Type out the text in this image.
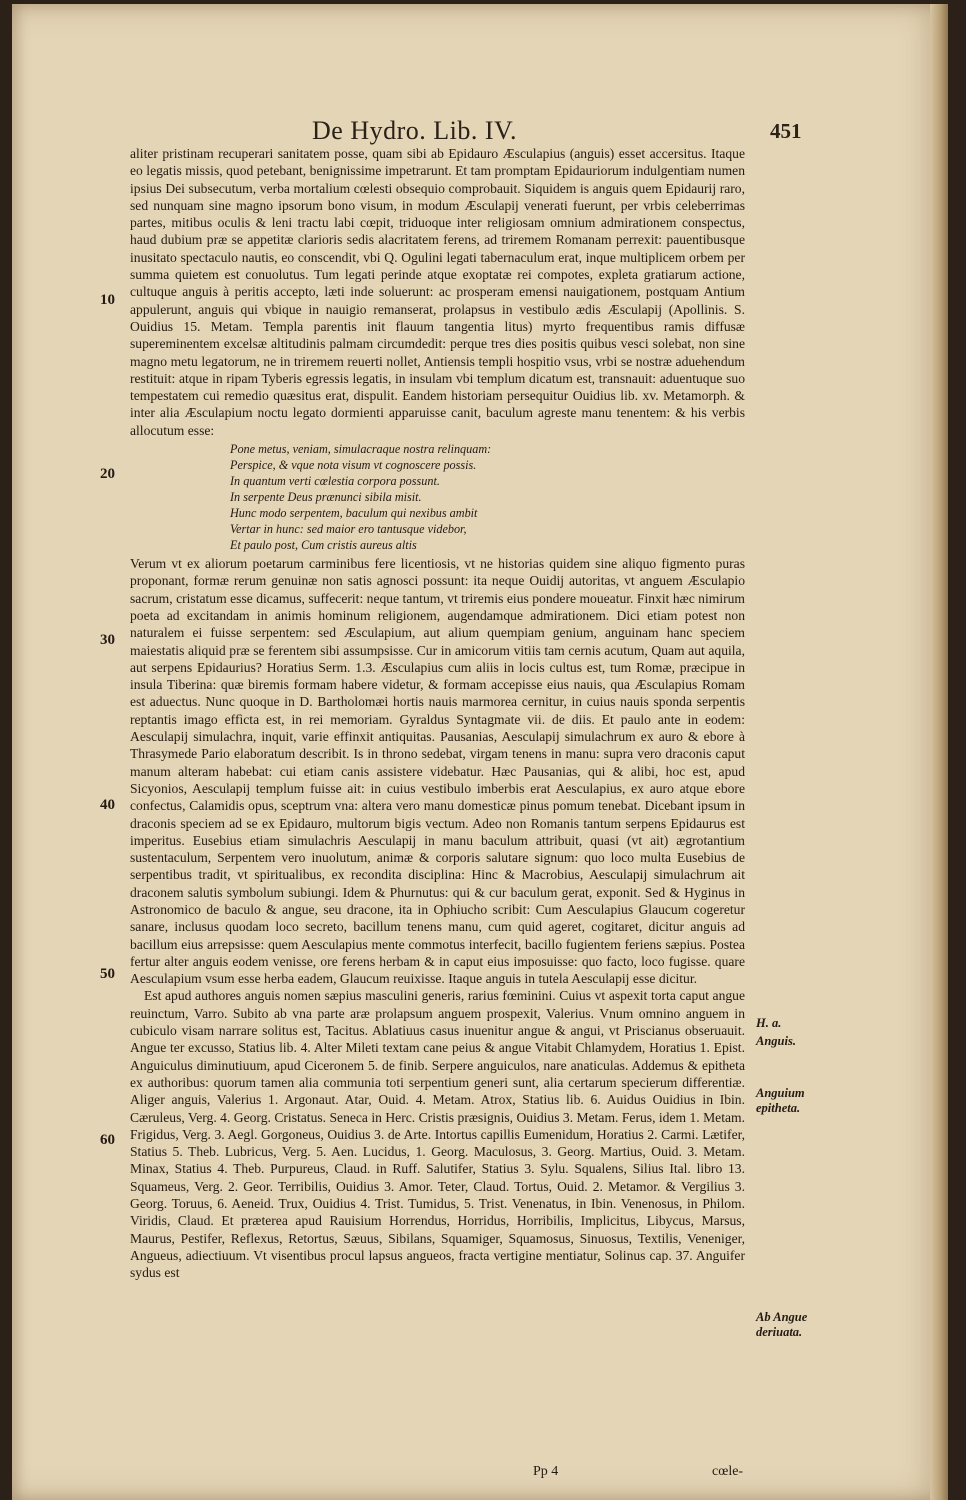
De Hydro. Lib. IV.	451

aliter pristinam recuperari sanitatem posse, quam sibi ab Epidauro Æsculapius (anguis) esset accersitus. Itaque eo legatis missis, quod petebant, benignissime impetrarunt. Et tam promptam Epidauriorum indulgentiam numen ipsius Dei subsecutum, verba mortalium cœlesti obsequio comprobauit. Siquidem is anguis quem Epidaurij raro, sed nunquam sine magno ipsorum bono visum, in modum Æsculapij venerati fuerunt, per vrbis celeberrimas partes, mitibus oculis & leni tractu labi cœpit, triduoque inter religiosam omnium admirationem conspectus, haud dubium præ se appetitæ clarioris sedis alacritatem ferens, ad triremem Romanam perrexit: pauentibusque inusitato spectaculo nautis, eo conscendit, vbi Q. Ogulini legati tabernaculum erat, inque multiplicem orbem per summa quietem est conuolutus. Tum legati perinde atque exoptatæ rei compotes, expleta gratiarum actione, cultuque anguis à peritis accepto, læti inde soluerunt: ac prosperam emensi nauigationem, postquam Antium appulerunt, anguis qui vbique in nauigio remanserat, prolapsus in vestibulo ædis Æsculapij (Apollinis. S. Ouidius 15. Metam. Templa parentis init flauum tangentia litus) myrto frequentibus ramis diffusæ supereminentem excelsæ altitudinis palmam circumdedit: perque tres dies positis quibus vesci solebat, non sine magno metu legatorum, ne in triremem reuerti nollet, Antiensis templi hospitio vsus, vrbi se nostræ aduehendum restituit: atque in ripam Tyberis egressis legatis, in insulam vbi templum dicatum est, transnauit: aduentuque suo tempestatem cui remedio quæsitus erat, dispulit. Eandem historiam persequitur Ouidius lib. xv. Metamorph. & inter alia Æsculapium noctu legato dormienti apparuisse canit, baculum agreste manu tenentem: & his verbis allocutum esse:

Pone metus, veniam, simulacraque nostra relinquam:
Perspice, & vque nota visum vt cognoscere possis.
In quantum verti cœlestia corpora possunt.
In serpente Deus prænunci sibila misit.
Hunc modo serpentem, baculum qui nexibus ambit
Vertar in hunc: sed maior ero tantusque videbor,
Et paulo post, Cum cristis aureus altis

Verum vt ex aliorum poetarum carminibus fere licentiosis, vt ne historias quidem sine aliquo figmento puras proponant, formæ rerum genuinæ non satis agnosci possunt: ita neque Ouidij autoritas, vt anguem Æsculapio sacrum, cristatum esse dicamus, suffecerit: neque tantum, vt triremis eius pondere moueatur. Finxit hæc nimirum poeta ad excitandam in animis hominum religionem, augendamque admirationem. Dici etiam potest non naturalem ei fuisse serpentem: sed Æsculapium, aut alium quempiam genium, anguinam hanc speciem maiestatis aliquid præ se ferentem sibi assumpsisse. Cur in amicorum vitiis tam cernis acutum, Quam aut aquila, aut serpens Epidaurius? Horatius Serm. 1.3. Æsculapius cum aliis in locis cultus est, tum Romæ, præcipue in insula Tiberina: quæ biremis formam habere videtur, & formam accepisse eius nauis, qua Æsculapius Romam est aduectus. Nunc quoque in D. Bartholomæi hortis nauis marmorea cernitur, in cuius nauis sponda serpentis reptantis imago effìcta est, in rei memoriam. Gyraldus Syntagmate vii. de diis. Et paulo ante in eodem: Aesculapij simulachra, inquit, varie effinxit antiquitas. Pausanias, Aesculapij simulachrum ex auro & ebore à Thrasymede Pario elaboratum describit. Is in throno sedebat, virgam tenens in manu: supra vero draconis caput manum alteram habebat: cui etiam canis assistere videbatur. Hæc Pausanias, qui & alibi, hoc est, apud Sicyonios, Aesculapij templum fuisse ait: in cuius vestibulo imberbis erat Aesculapius, ex auro atque ebore confectus, Calamidis opus, sceptrum vna: altera vero manu domesticæ pinus pomum tenebat. Dicebant ipsum in draconis speciem ad se ex Epidauro, multorum bigis vectum. Adeo non Romanis tantum serpens Epidaurus est imperitus. Eusebius etiam simulachris Aesculapij in manu baculum attribuit, quasi (vt ait) ægrotantium sustentaculum, Serpentem vero inuolutum, animæ & corporis salutare signum: quo loco multa Eusebius de serpentibus tradit, vt spiritualibus, ex recondita disciplina: Hinc & Macrobius, Aesculapij simulachrum ait draconem salutis symbolum subiungi. Idem & Phurnutus: qui & cur baculum gerat, exponit. Sed & Hyginus in Astronomico de baculo & angue, seu dracone, ita in Ophiucho scribit: Cum Aesculapius Glaucum cogeretur sanare, inclusus quodam loco secreto, bacillum tenens manu, cum quid ageret, cogitaret, dicitur anguis ad bacillum eius arrepsisse: quem Aesculapius mente commotus interfecit, bacillo fugientem feriens sæpius. Postea fertur alter anguis eodem venisse, ore ferens herbam & in caput eius imposuisse: quo facto, loco fugisse. quare Aesculapium vsum esse herba eadem, Glaucum reuixisse. Itaque anguis in tutela Aesculapij esse dicitur.

Est apud authores anguis nomen sæpius masculini generis, rarius fœminini. Cuius vt aspexit torta caput angue reuinctum, Varro. Subito ab vna parte aræ prolapsum anguem prospexit, Valerius. Vnum omnino anguem in cubiculo visam narrare solitus est, Tacitus. Ablatiuus casus inuenitur angue & angui, vt Priscianus obseruauit. Angue ter excusso, Statius lib. 4. Alter Mileti textam cane peius & angue Vitabit Chlamydem, Horatius 1. Epist. Anguiculus diminutiuum, apud Ciceronem 5. de finib. Serpere anguiculos, nare anaticulas. Addemus & epitheta ex authoribus: quorum tamen alia communia toti serpentium generi sunt, alia certarum specierum differentiæ. Aliger anguis, Valerius 1. Argonaut. Atar, Ouid. 4. Metam. Atrox, Statius lib. 6. Auidus Ouidius in Ibin. Cæruleus, Verg. 4. Georg. Cristatus. Seneca in Herc. Cristis præsignis, Ouidius 3. Metam. Ferus, idem 1. Metam. Frigidus, Verg. 3. Aegl. Gorgoneus, Ouidius 3. de Arte. Intortus capillis Eumenidum, Horatius 2. Carmi. Lætifer, Statius 5. Theb. Lubricus, Verg. 5. Aen. Lucidus, 1. Georg. Maculosus, 3. Georg. Martius, Ouid. 3. Metam. Minax, Statius 4. Theb. Purpureus, Claud. in Ruff. Salutifer, Statius 3. Sylu. Squalens, Silius Ital. libro 13. Squameus, Verg. 2. Geor. Terribilis, Ouidius 3. Amor. Teter, Claud. Tortus, Ouid. 2. Metamor. & Vergilius 3. Georg. Toruus, 6. Aeneid. Trux, Ouidius 4. Trist. Tumidus, 5. Trist. Venenatus, in Ibin. Venenosus, in Philom. Viridis, Claud. Et præterea apud Rauisium Horrendus, Horridus, Horribilis, Implicitus, Libycus, Marsus, Maurus, Pestifer, Reflexus, Retortus, Sæuus, Sibilans, Squamiger, Squamosus, Sinuosus, Textilis, Veneniger, Angueus, adiectiuum. Vt visentibus procul lapsus angueos, fracta vertigine mentiatur, Solinus cap. 37. Anguifer sydus est

10
20
30
40
50
60
H. a.
Anguis.
Anguium epitheta.
Ab Angue deriuata.
Pp 4	cœle-
